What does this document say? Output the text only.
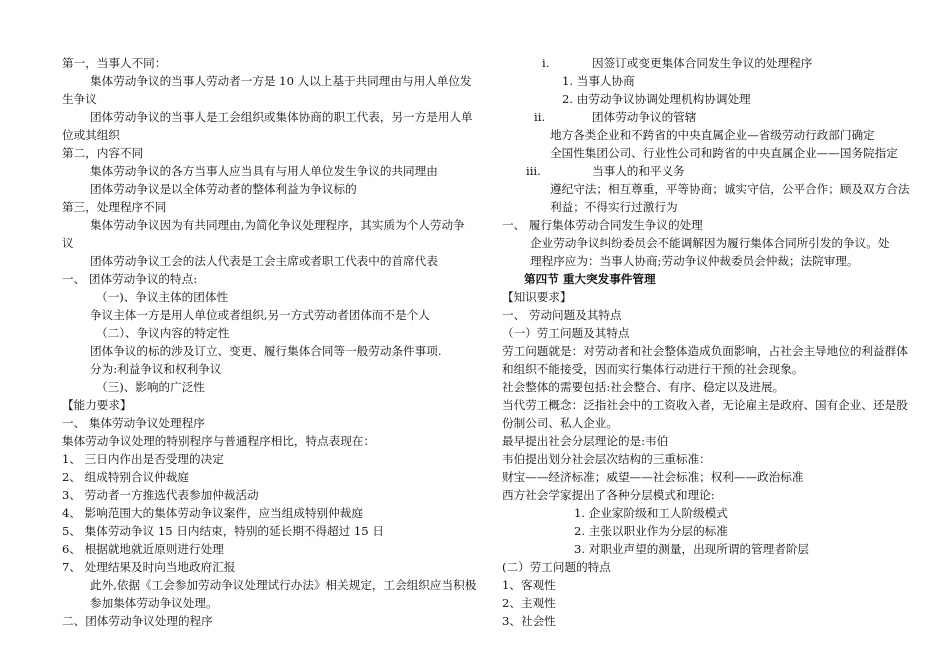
第一，当事人不同：
集体劳动争议的当事人劳动者一方是 10 人以上基于共同理由与用人单位发
生争议
团体劳动争议的当事人是工会组织或集体协商的职工代表，另一方是用人单
位或其组织
第二，内容不同
集体劳动争议的各方当事人应当具有与用人单位发生争议的共同理由
团体劳动争议是以全体劳动者的整体利益为争议标的
第三，处理程序不同
集体劳动争议因为有共同理由,为简化争议处理程序，其实质为个人劳动争
议
团体劳动争议工会的法人代表是工会主席或者职工代表中的首席代表
一、 团体劳动争议的特点:
（一)、争议主体的团体性
争议主体一方是用人单位或者组织,另一方式劳动者团体而不是个人
（二）、争议内容的特定性
团体争议的标的涉及订立、变更、履行集体合同等一般劳动条件事项.
分为:利益争议和权利争议
（三)、影响的广泛性
【能力要求】
一、 集体劳动争议处理程序
集体劳动争议处理的特别程序与普通程序相比，特点表现在：
1、 三日内作出是否受理的决定
2、 组成特别合议仲裁庭
3、 劳动者一方推选代表参加仲裁活动
4、 影响范围大的集体劳动争议案件，应当组成特别仲裁庭
5、 集体劳动争议 15 日内结束，特别的延长期不得超过 15 日
6、 根据就地就近原则进行处理
7、 处理结果及时向当地政府汇报
此外,依据《工会参加劳动争议处理试行办法》相关规定，工会组织应当积极
参加集体劳动争议处理。
二、团体劳动争议处理的程序
i.	因签订或变更集体合同发生争议的处理程序
1. 当事人协商
2. 由劳动争议协调处理机构协调处理
ii.	团体劳动争议的管辖
地方各类企业和不跨省的中央直属企业—省级劳动行政部门确定
全国性集团公司、行业性公司和跨省的中央直属企业——国务院指定
iii.	当事人的和平义务
遵纪守法；相互尊重，平等协商；诚实守信，公平合作；顾及双方合法
利益；不得实行过激行为
一、 履行集体劳动合同发生争议的处理
企业劳动争议纠纷委员会不能调解因为履行集体合同所引发的争议。处
理程序应为：当事人协商;劳动争议仲裁委员会仲裁；法院审理。
第四节 重大突发事件管理
【知识要求】
一、 劳动问题及其特点
（一）劳工问题及其特点
劳工问题就是：对劳动者和社会整体造成负面影响，占社会主导地位的利益群体
和组织不能接受，因而实行集体行动进行干预的社会现象。
社会整体的需要包括:社会整合、有序、稳定以及进展。
当代劳工概念：泛指社会中的工资收入者，无论雇主是政府、国有企业、还是股
份制公司、私人企业。
最早提出社会分层理论的是:韦伯
韦伯提出划分社会层次结构的三重标准：
财宝——经济标准；威望——社会标准；权利——政治标准
西方社会学家提出了各种分层模式和理论:
1. 企业家阶级和工人阶级模式
2. 主张以职业作为分层的标准
3. 对职业声望的测量，出现所谓的管理者阶层
(二）劳工问题的特点
1、客观性
2、主观性
3、社会性
